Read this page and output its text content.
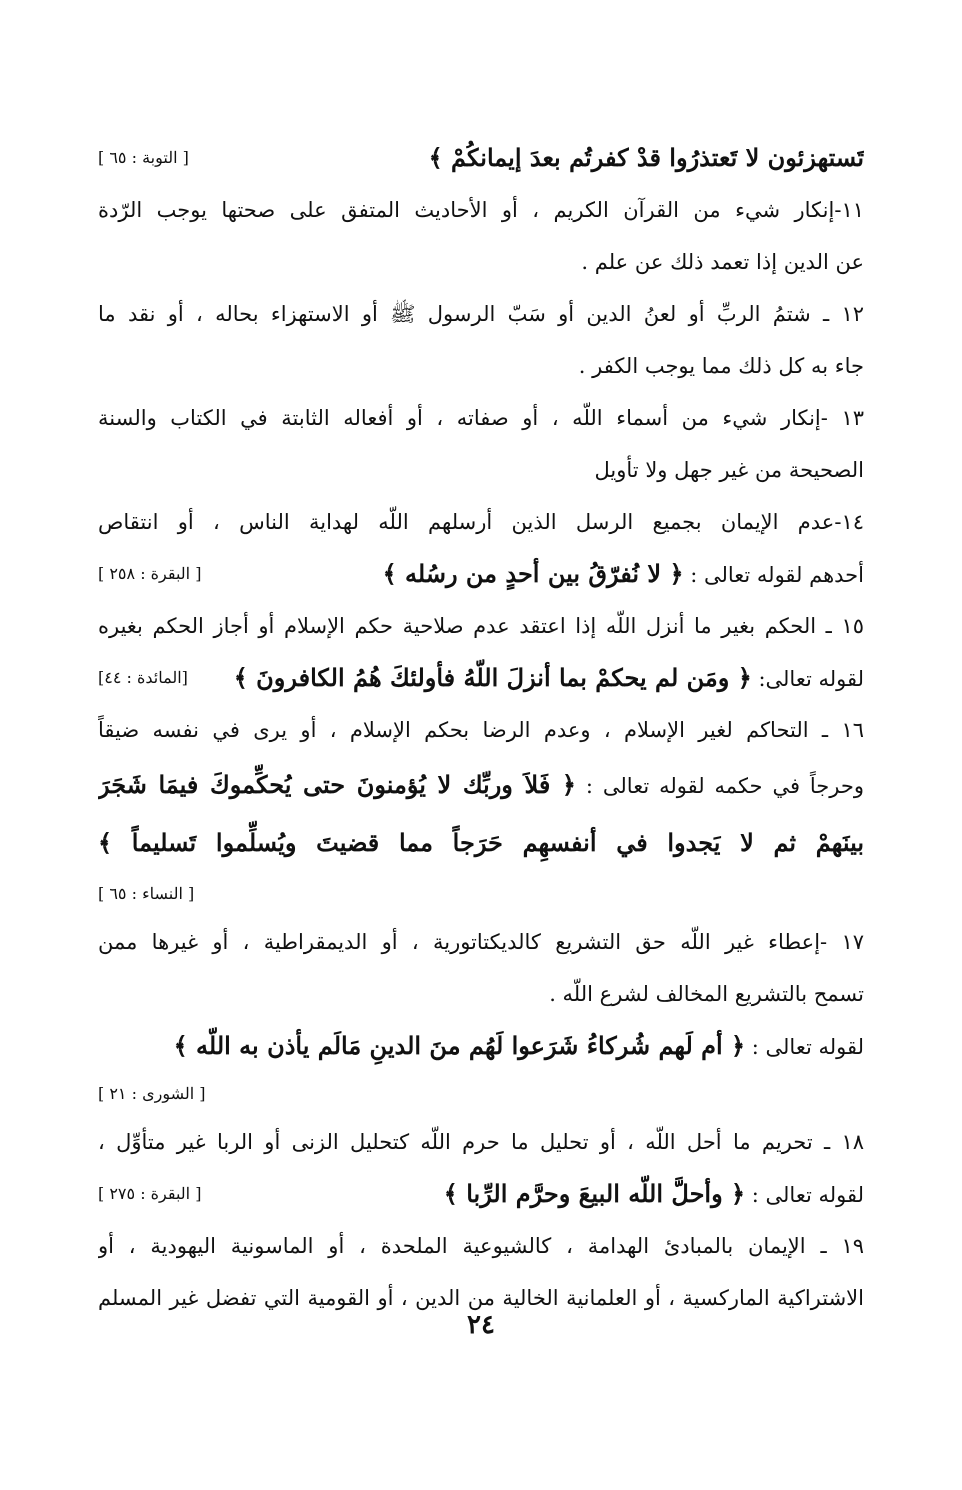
تَستهزئون لا تَعتذرُوا قدْ كفرتُم بعدَ إيمانكُمْ ﴾
[ التوبة : ٦٥ ]
١١-إنكار شيء من القرآن الكريم ، أو الأحاديث المتفق على صحتها يوجب الرّدة
عن الدين إذا تعمد ذلك عن علم .
١٢ ـ شتمُ الربِّ أو لعنُ الدين أو سَبّ الرسول ﷺ أو الاستهزاء بحاله ، أو نقد ما
جاء به كل ذلك مما يوجب الكفر .
١٣ -إنكار شيء من أسماء اللّه ، أو صفاته ، أو أفعاله الثابتة في الكتاب والسنة
الصحيحة من غير جهل ولا تأويل
١٤-عدم الإيمان بجميع الرسل الذين أرسلهم اللّه لهداية الناس ، أو انتقاص
أحدهم لقوله تعالى : ﴿ لا نُفرّقُ بين أحدٍ من رسُله ﴾
[ البقرة : ٢٥٨ ]
١٥ ـ الحكم بغير ما أنزل اللّه إذا اعتقد عدم صلاحية حكم الإسلام أو أجاز الحكم بغيره
لقوله تعالى: ﴿ ومَن لم يحكمْ بما أنزلَ اللّهُ فأولئكَ هُمُ الكافرونَ ﴾
[المائدة : ٤٤]
١٦ ـ التحاكم لغير الإسلام ، وعدم الرضا بحكم الإسلام ، أو يرى في نفسه ضيقاً
وحرجاً في حكمه لقوله تعالى : ﴿ فَلاَ وربِّك لا يُؤمنونَ حتى يُحكِّموكَ فيمَا شَجَرَ
بينَهمْ ثم لا يَجدوا في أنفسهِم حَرَجاً مما قضيتَ ويُسلِّموا تَسليماً ﴾
[ النساء : ٦٥ ]
١٧ -إعطاء غير اللّه حق التشريع كالديكتاتورية ، أو الديمقراطية ، أو غيرها ممن
تسمح بالتشريع المخالف لشرع اللّه .
لقوله تعالى : ﴿ أم لَهم شُركاءُ شَرَعوا لَهُم منَ الدينِ مَالَم يأذن به اللّه ﴾
[ الشورى : ٢١ ]
١٨ ـ تحريم ما أحل اللّه ، أو تحليل ما حرم اللّه كتحليل الزنى أو الربا غير متأوِّل ،
لقوله تعالى : ﴿ وأحلَّ اللّه البيعَ وحرَّم الرِّبا ﴾
[ البقرة : ٢٧٥ ]
١٩ ـ الإيمان بالمبادئ الهدامة ، كالشيوعية الملحدة ، أو الماسونية اليهودية ، أو
الاشتراكية الماركسية ، أو العلمانية الخالية من الدين ، أو القومية التي تفضل غير المسلم
٢٤
